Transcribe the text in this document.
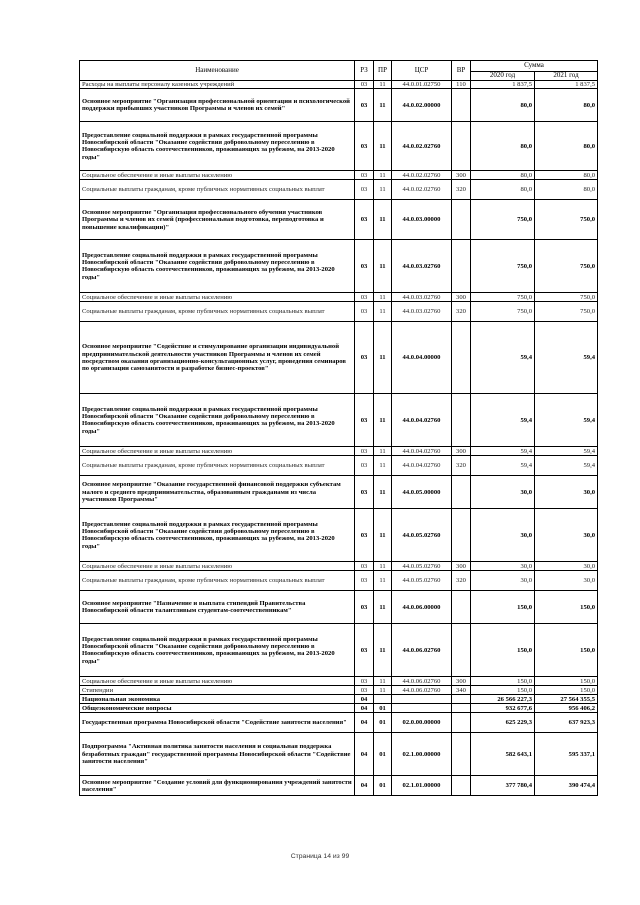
Наименование	РЗ	ПР	ЦСР	ВР	Сумма	
					2020 год	2021 год
Расходы на выплаты персоналу казенных учреждений	03	11	44.0.01.02750	110	1 837,5	1 837,5
Основное мероприятие "Организация профессиональной ориентации и психологической поддержки прибывших участников Программы и членов их семей"	03	11	44.0.02.00000		80,0	80,0
Предоставление социальной поддержки в рамках государственной программы Новосибирской области "Оказание содействия добровольному переселению в Новосибирскую область соотечественников, проживающих за рубежом, на 2013-2020 годы"	03	11	44.0.02.02760		80,0	80,0
Социальное обеспечение и иные выплаты населению	03	11	44.0.02.02760	300	80,0	80,0
Социальные выплаты гражданам, кроме публичных нормативных социальных выплат	03	11	44.0.02.02760	320	80,0	80,0
Основное мероприятие "Организация профессионального обучения участников Программы и членов их семей (профессиональная подготовка, переподготовка и повышение квалификации)"	03	11	44.0.03.00000		750,0	750,0
Предоставление социальной поддержки в рамках государственной программы Новосибирской области "Оказание содействия добровольному переселению в Новосибирскую область соотечественников, проживающих за рубежом, на 2013-2020 годы"	03	11	44.0.03.02760		750,0	750,0
Социальное обеспечение и иные выплаты населению	03	11	44.0.03.02760	300	750,0	750,0
Социальные выплаты гражданам, кроме публичных нормативных социальных выплат	03	11	44.0.03.02760	320	750,0	750,0
Основное мероприятие "Содействие и стимулирование организации индивидуальной предпринимательской деятельности участников Программы и членов их семей посредством оказания организационно-консультационных услуг, проведения семинаров по организации самозанятости и разработке бизнес-проектов"	03	11	44.0.04.00000		59,4	59,4
Предоставление социальной поддержки в рамках государственной программы Новосибирской области "Оказание содействия добровольному переселению в Новосибирскую область соотечественников, проживающих за рубежом, на 2013-2020 годы"	03	11	44.0.04.02760		59,4	59,4
Социальное обеспечение и иные выплаты населению	03	11	44.0.04.02760	300	59,4	59,4
Социальные выплаты гражданам, кроме публичных нормативных социальных выплат	03	11	44.0.04.02760	320	59,4	59,4
Основное мероприятие "Оказание государственной финансовой поддержки субъектам малого и среднего предпринимательства, образованным гражданами из числа участников Программы"	03	11	44.0.05.00000		30,0	30,0
Предоставление социальной поддержки в рамках государственной программы Новосибирской области "Оказание содействия добровольному переселению в Новосибирскую область соотечественников, проживающих за рубежом, на 2013-2020 годы"	03	11	44.0.05.02760		30,0	30,0
Социальное обеспечение и иные выплаты населению	03	11	44.0.05.02760	300	30,0	30,0
Социальные выплаты гражданам, кроме публичных нормативных социальных выплат	03	11	44.0.05.02760	320	30,0	30,0
Основное мероприятие "Назначение и выплата стипендий Правительства Новосибирской области талантливым студентам-соотечественникам"	03	11	44.0.06.00000		150,0	150,0
Предоставление социальной поддержки в рамках государственной программы Новосибирской области "Оказание содействия добровольному переселению в Новосибирскую область соотечественников, проживающих за рубежом, на 2013-2020 годы"	03	11	44.0.06.02760		150,0	150,0
Социальное обеспечение и иные выплаты населению	03	11	44.0.06.02760	300	150,0	150,0
Стипендии	03	11	44.0.06.02760	340	150,0	150,0
Национальная экономика	04				26 566 227,3	27 564 355,5
Общеэкономические вопросы	04	01			932 677,6	956 406,2
Государственная программа Новосибирской области "Содействие занятости населения"	04	01	02.0.00.00000		625 229,3	637 923,3
Подпрограмма "Активная политика занятости населения и социальная поддержка безработных граждан" государственной программы Новосибирской области "Содействие занятости населения"	04	01	02.1.00.00000		582 643,1	595 337,1
Основное мероприятие "Создание условий для функционирования учреждений занятости населения"	04	01	02.1.01.00000		377 780,4	390 474,4
Страница 14 из 99
